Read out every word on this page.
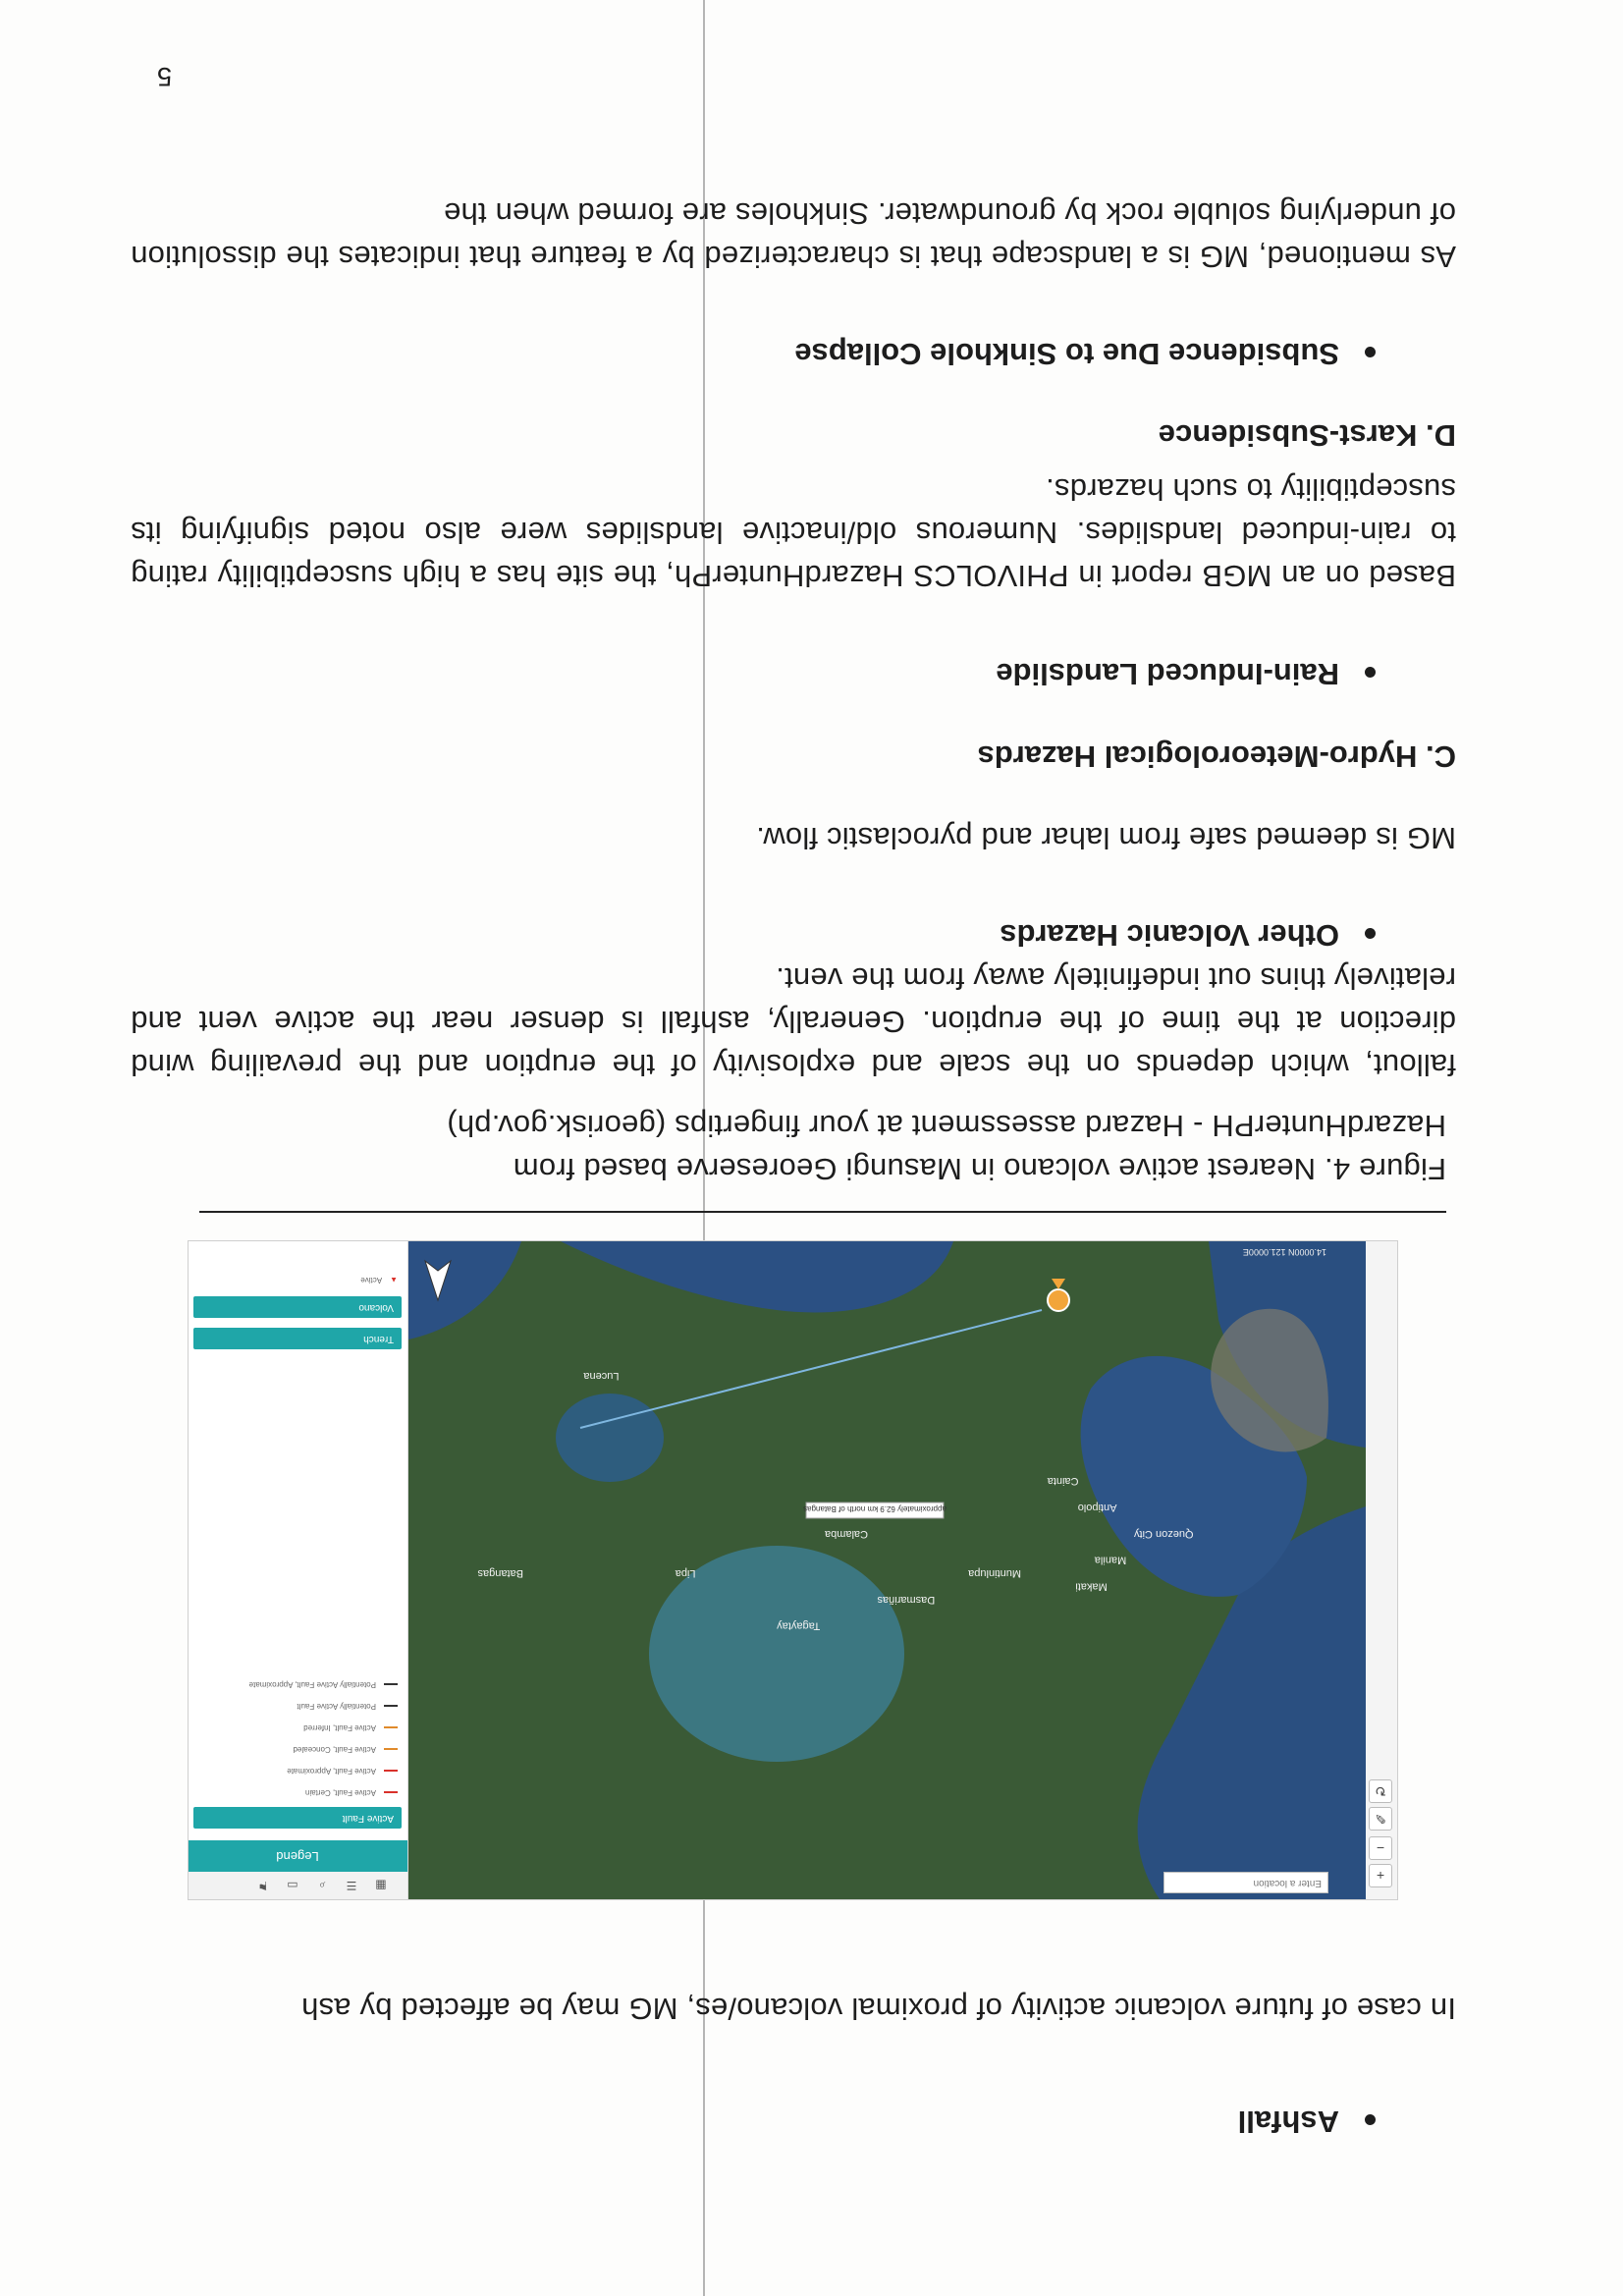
5
Ashfall

In case of future volcanic activity of proximal volcano/es, MG may be affected by ash

+
−
✎
↻
approximately 62.9 km north of Batangas
Quezon City
Manila
Makati
Antipolo
Cainta
Muntinlupa
Calamba
Dasmariñas
Tagaytay
Lipa
Batangas
Lucena
Enter a location
14.0000N 121.0000E
▦
☰
⌕
▭
⚑
Legend
Active Fault
Active Fault, Certain
Active Fault, Approximate
Active Fault, Concealed
Active Fault, Inferred
Potentially Active Fault
Potentially Active Fault, Approximate
Trench
Volcano
▲Active

Figure 4. Nearest active volcano in Masungi Georeserve based from

HazardHunterPH - Hazard assessment at your fingertips (georisk.gov.ph)

fallout, which depends on the scale and explosivity of the eruption and the prevailing wind direction at the time of the eruption. Generally, ashfall is denser near the active vent and relatively thins out indefinitely away from the vent.

Other Volcanic Hazards

MG is deemed safe from lahar and pyroclastic flow.

C. Hydro-Meteorological Hazards
Rain-Induced Landslide

Based on an MGB report in PHIVOLCS HazardHunterPh, the site has a high susceptibility rating to rain-induced landslides. Numerous old/inactive landslides were also noted signifying its susceptibility to such hazards.

D. Karst-Subsidence
Subsidence Due to Sinkhole Collapse

As mentioned, MG is a landscape that is characterized by a feature that indicates the dissolution of underlying soluble rock by groundwater. Sinkholes are formed when the
